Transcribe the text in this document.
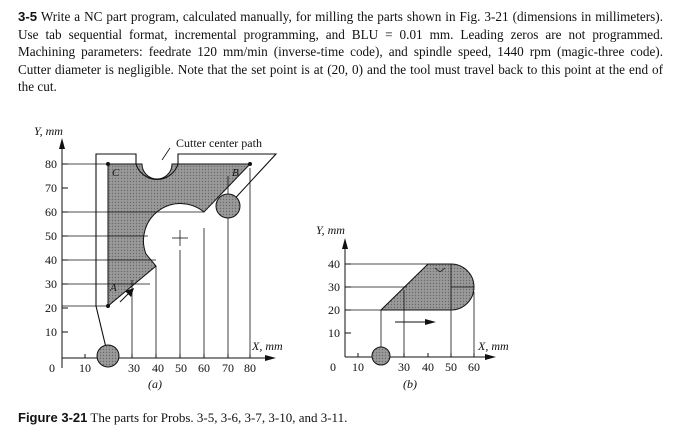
3-5 Write a NC part program, calculated manually, for milling the parts shown in Fig. 3-21 (dimensions in millimeters). Use tab sequential format, incremental programming, and BLU = 0.01 mm. Leading zeros are not programmed. Machining parameters: feedrate 120 mm/min (inverse-time code), and spindle speed, 1440 rpm (magic-three code). Cutter diameter is negligible. Note that the set point is at (20, 0) and the tool must travel back to this point at the end of the cut.

80
70
60
50
40
30
20
10
0 10	30 40 50 60 70 80
Y, mm
X, mm
Cutter center path
A
B
C
(a)
40
30
20
10
0 10	30 40 50 60
Y, mm
X, mm
(b)

Figure 3-21 The parts for Probs. 3-5, 3-6, 3-7, 3-10, and 3-11.
